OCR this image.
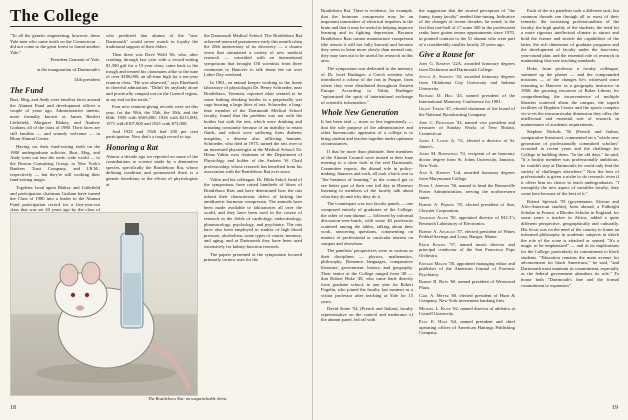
The College

"To all the genetic engineering, however, these Yale men who came north on the Connecticut ... did not come to the great forest to found another Yale."

President Giamatti of Yale,

at the inauguration of Dartmouth's

14th president

The Fund

Burt, Meg, and Andy were familiar faces around the Alumni Fund and development offices a couple of years ago. Administrative interns, more formally known as James Bartlett Littlefield, Margaret Blakey, and Andrew Graham, all of the class of 1980. Their faces are still familiar — and warmly welcome — in Blunt Alumni Center.

Having cut their fund-raising teeth on the 1980 undergraduate solicitor, Burt, Meg, and Andy went out into the wide, wide world — to the Boston Consulting Group, to New York's Bankers Trust Company, and I.B.M., respectively — but they're still working their fund-raising magic.

Together, head agent Blakey and Littlefield and participation chairman Graham have turned the Class of 1980 into a leader in the Alumni Fund participation record for a first-year-out class that was set 20 years ago by the class of

who predicted that alumni of the "new Dartmouth" would never match in loyalty the traditional support of their elders.

Then there was Dave Weld '66, who, after crashing through last year with a record-setting $1,300 gift for a 15-year class, came back to the trough and treated his classmates alike to the tune of over $186,000, an all-time high for a ten-year reunion class. "He was obsessed," says Eberhardt in cheerful admiration. "Didn't let anybody alone and practically camped out on the Grenvil regina, at my end on the totals."

Four new reunion-giving records were set this year, for the 50th, the 55th, the 10th, and the 60th: 1950 with $505,000, 1926 with $215,000, 1971 with $107,000 and 1921 with $73,000.

And 1925 and 1926 had 100 per cent participation. Now that's a tough record to top.

Honoring a Rat

Almost a decade ago we reported on some of the contributions to science made by a diminutive species, specifically the Brattleboro Rat, whose defining condition and pronounced thirst is a genetic hereditary to the efforts of physiologists at

the Dartmouth Medical School. The Brattleboro Rat achieved renewed prominence early this month when the 20th anniversary of its discovery — a chance event that stimulated a variety of new medical research — coincided with an international symposium that brought 150 scientists from three continents to Hanover to talk about the rat over Labor Day weekend.

In 1961, an animal keeper working in the home laboratory of physiologist Dr. Henry Schroeder, near Brattleboro, Vermont, reported what seemed to be some leaking drinking bottles in a perpetually wet cage housing a large litter of rats. Schroeder, a long-time member of the Dartmouth Medical School faculty, found that the problem was not with the bottles but with the rats, which were drinking and urinating constantly because of an inability to retain fluids, and which were suffering from diabetes insipidus, a disease also afflicting humans. Schroeder, who died in 1975, turned the rats over to an interested physiologist at the Medical School, Dr. Heinz Valtin, now chairman of the Department of Physiology and holder of the Andrew W. Chail professorship, whose research has benefited from his association with the Brattleboro Rat ever since.

Valtin and his colleague, Dr. Hilda Sokol, head of the symposium, have raised hundreds of litters of Brattleboro Rats and have determined how the rats inherit their characteristic defect of lacking the antidiuretic hormone vasopressin. The animals have been made available to laboratories all over the world, and they have been used in the course of research in the fields of cardiology, endocrinology, pharmacology, psychology, and psychiatry. The rats have also been employed in studies of high blood pressure, alcoholism, some types of cancer, memory, and aging, and at Dartmouth they have been used extensively for kidney-function research.

The papers presented at the symposium focused primarily on new uses for the

The Brattleboro Rat: an unquenchable thirst.
18

Brattleboro Rat. There is evidence, for example, that the hormone vasopressin may be an important transmitter of electrical impulses in the brain and that it may be useful in helping improve learning and in fighting depression. Because Brattleboro Rats cannot manufacture vasopressin (the reason it will not fully known) and because they seem to learn more slowly than normal rats, they may turn out to be useful for research in this area.

The symposium was dedicated to the memory of Dr. Josef Rudinger, a Czech scientist who introduced a colony of the rats in Prague, from where they were distributed throughout Eastern Europe. According to Valtin, Rudinger "epitomized the spirit of international exchange of scientific information."

Whole New Generation

It has been said — more or less ingenuously — that the sole purpose of the administrative and other bureaucratic apparatus of a college is to bring student and teacher together under optimum circumstances.

If that be more than platitude, then members of the Alumni Council were treated at their June meeting to a close look at the real Dartmouth. Committee reports, the dismal role in policy-making, finances and such, all took a back seat to "the business of learning," as the council got to see better part of their one full day in Hanover listening to members of the faculty talk about what they do and why they do it.

The counterpart was two faculty panels — one composed entirely of graduates of the College, the other of non-alumni — followed by informal discussion-over-lunch, with some 40 professors scattered among the tables, talking about their work, answering questions, commenting on matters of professional or curricular interest on campus and elsewhere.

The panelists' perspectives were as various as their disciplines — physics, mathematics, philosophy, Romance languages, comparative literature, government, history, and geography. Their senior at the College ranged from '48 — that Robert Hoke '48, who came back directly from graduate school, to one year for Robert Fogelin, who joined the faculty last summer as a visitor professor after teaching at Yale for 15 years.

David Stone '54, (French and Italian), faculty representative on the council and moderator of the alumni panel, led off with

the suggestion that the storied perception of "the funny, funny faculty" needed fine-tuning. Indicative of the changes of recent decades, he noted, is the fact that one-half of 17 some 300 in the professorial ranks have gotten tenure appointments since 1970, in pointed contrast to the 51 alumni who were part of a considerably smaller faculty 25 years ago.

Give a Rouse for

John G. Kemeny '22A, awarded honorary degrees from Dickinson and Dartmouth College.

Justus A. Stanley '33, awarded honorary degrees from Oklahoma City University and Indiana University.

Richard D. Hill '43, named president of the International Monetary Conference for 1981.

Grant Tinker '47, elected chairman of the board of the National Broadcasting Company.

John C. Pritchard '43, named vice president and treasurer of Sunday Works of New Britain, Connecticut.

James J. Lloyd Jr. '51, elected a director of St. James's.

James M. Rosenfield '51, recipient of an honorary doctor degree from St. Johns University, Jamaica, New York.

Jean A. Kemeny 'Ltd, awarded honorary degrees from Marymount College.

Peter J. Johnson '56, named to head the Bonneville Power Administration, serving the northwestern states.

Robert A. Perkins '55, elected president of Sun, Chrysler Corporation.

Jonathan Allen '50, appointed director of M.I.T.'s Research Laboratory of Electronics.

Robert A. Angelzzi '57, elected president of Wines Federal Savings and Loan, Bangor, Maine.

Erich Kunzel '57, named music director and principal conductor of the San Francisco Pops Orchestra.

Edward Miller '58, appointed managing editor and publisher of the American Journal of Forensic Psychiatry.

Robert B. Boye '60, named president of Westwood Plaza.

Carl A. Meyer '60, elected president of Hurn & Company, New York investment banking firm.

Michael L. Klive '62, named director of athletics at Cornell University.

Paul E. Hale '64, named president and chief operating officer of American Hatrings Publishing Company.

Each of the six panelists took a different tack, but common threads ran through all or most of their remarks: the increasing professionalism of the faculty, the high quality of the students, the need for a more rigorous intellectual climate to attract and hold the former and stretch the capabilities of the latter, the rich dimension of graduate programs and the development of faculty under the four-term, year-round plan, and the essential role of research in maintaining first-rate teaching standards.

Hoke, from professor a faculty colleague, summed up the phases — and the compounded missions — of the changes he's witnessed since returning to Hanover as a geography instructor in 1960: the growing resources of Baker Library for comprehending the inconvenience of multiple libraries scattered about the campus, the superb facilities of Hopkins Center and the sports complex vis-a-vis the extracurricular dimension they offer, the intellectual and essential role of research in maintenance of academic requirements.

Stephen Nichols '56 (French and Italian, comparative literature), commented on a "whole new generation of professionally committed scholars" recruited in recent years and the challenge for College in building them. "In the old days," he said, "if a faculty member was professionally ambitious, he couldn't stay at Dartmouth; he could only find the variety of challenges elsewhere." Now the best of professionals is given a niche to do research, even if it offers him no choice to teach undergraduates. "I exemplify the new aspect of variables faculty; they come here because of the best of it."

Robert Spivack '59 (government, African and Afro-American studies), born abroad, a Fulbright Scholar in France, a Rhodes Scholar in England, for some years a teacher in Africa, added a quite different perspective, geographically and culturally. His focus was on the need of the country to frame an informed philosophy in academic subjects in which the role of the scare is attached or sensed. "It's a magic to be emphasized" — and in its implications for the College, particularly its commitment to black students. "Education remains the main avenue for advancement for black Americans," he said, "and Dartmouth must maintain its commitment, especially as the federal government abandons its role." To honor both "Dartmouth's fine and the formal commitment to expansion"

19
